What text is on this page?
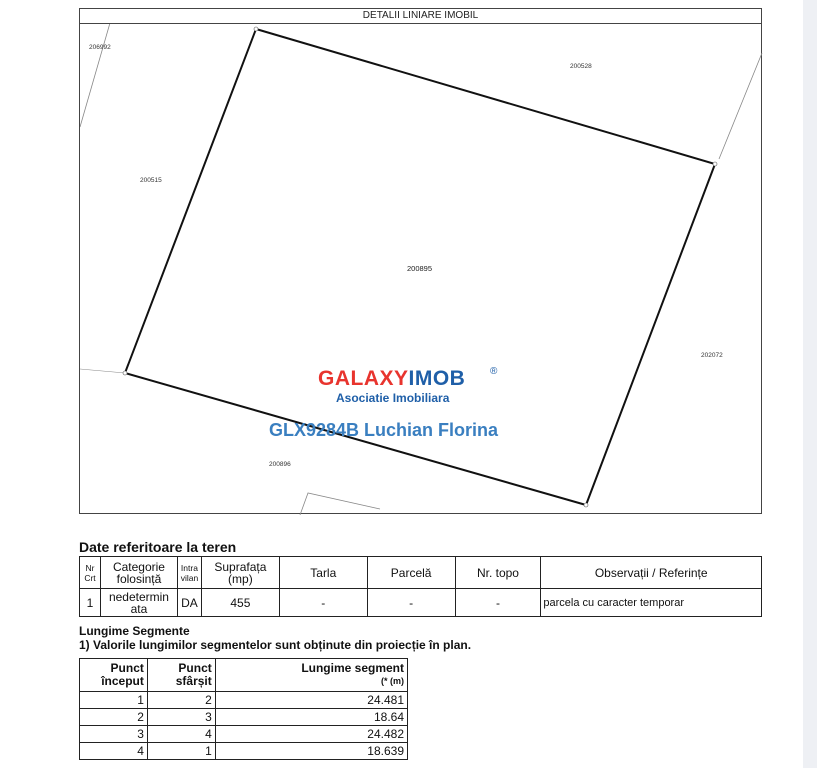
206992
200528
200515
200895
202072
200896
DETALII LINIARE IMOBIL
GALAXYIMOB ®
Asociatie Imobiliara
GLX9284B Luchian Florina
Date referitoare la teren
Nr Crt	Categorie folosință	Intra vilan	Suprafața (mp)	Tarla	Parcelă	Nr. topo	Observații / Referințe
1	nedetermin ata	DA	455	-	-	-	parcela cu caracter temporar
Lungime Segmente
1) Valorile lungimilor segmentelor sunt obținute din proiecție în plan.
Punct început	Punct sfârșit	Lungime segment
(* (m)

1	2	24.481
2	3	18.64
3	4	24.482
4	1	18.639
